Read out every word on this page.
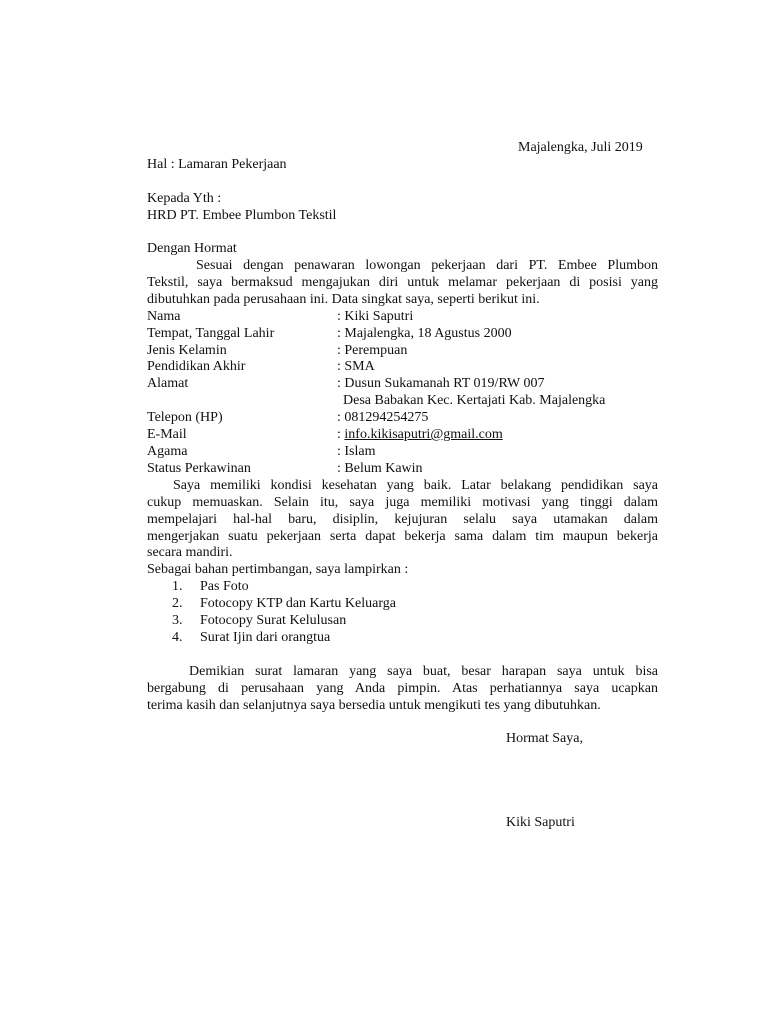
Majalengka, Juli 2019
Hal : Lamaran Pekerjaan
Kepada Yth :
HRD PT. Embee Plumbon Tekstil
Dengan Hormat
Sesuai dengan penawaran lowongan pekerjaan dari PT. Embee Plumbon
Tekstil, saya bermaksud mengajukan diri untuk melamar pekerjaan di posisi yang
dibutuhkan pada perusahaan ini. Data singkat saya, seperti berikut ini.
Nama	: Kiki Saputri
Tempat, Tanggal Lahir	: Majalengka, 18 Agustus 2000
Jenis Kelamin	: Perempuan
Pendidikan Akhir	: SMA
Alamat	: Dusun Sukamanah RT 019/RW 007
Desa Babakan Kec. Kertajati Kab. Majalengka
Telepon (HP)	: 081294254275
E-Mail	: info.kikisaputri@gmail.com
Agama	: Islam
Status Perkawinan	: Belum Kawin
Saya memiliki kondisi kesehatan yang baik. Latar belakang pendidikan saya
cukup memuaskan. Selain itu, saya juga memiliki motivasi yang tinggi dalam
mempelajari hal-hal baru, disiplin, kejujuran selalu saya utamakan dalam
mengerjakan suatu pekerjaan serta dapat bekerja sama dalam tim maupun bekerja
secara mandiri.
Sebagai bahan pertimbangan, saya lampirkan :
1. Pas Foto
2. Fotocopy KTP dan Kartu Keluarga
3. Fotocopy Surat Kelulusan
4. Surat Ijin dari orangtua
Demikian surat lamaran yang saya buat, besar harapan saya untuk bisa
bergabung di perusahaan yang Anda pimpin. Atas perhatiannya saya ucapkan
terima kasih dan selanjutnya saya bersedia untuk mengikuti tes yang dibutuhkan.
Hormat Saya,
Kiki Saputri
